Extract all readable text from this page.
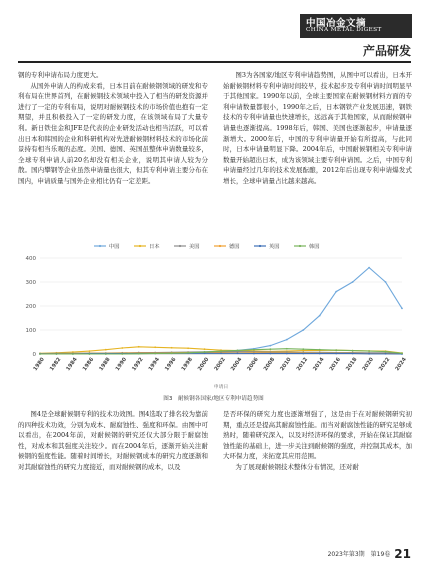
中国冶金文摘
CHINA METAL DIGEST
产品研发

钢的专利申请布局力度更大。

从国外申请人的构成来看，日本目前在耐候钢领域的研发和专利布局在世界首列，在耐候钢技术领域中投入了相当的研发资源并进行了一定的专利布局，说明对耐候钢技术的市场价值也抱有一定期望，并且积极投入了一定的研发力度，在该领域布局了大量专利。新日铁住金和JFE是代表的企业研发活动也相当活跃，可以看出日本和韩国的企业和科研机构对先进耐候钢材料技术的市场化前景持有相当乐观的态度。美国、德国、英国虽整体申请数量较多，全球专利申请人前20名却没有相关企业，说明其申请人较为分散。国内攀钢等企业虽然申请量也很大，但其专利申请主要分布在国内，申请质量与国外企业相比仍有一定差距。

图3为各国家/地区专利申请趋势图，从图中可以看出，日本开始耐候钢材料专利申请时间较早，技术起步及专利申请时间明显早于其他国家。1990年以前，全球主要国家在耐候钢材料方面的专利申请数量都很小，1990年之后，日本钢铁产业发展迅速，钢铁技术的专利申请量也快速增长，远远高于其他国家，从而耐候钢申请量也逐渐提高。1998年后，韩国、美国也逐渐起步，申请量逐渐增大。2000年后，中国的专利申请量开始有所提高，与此同时，日本申请量明显下降。2004年后，中国耐候钢相关专利申请数量开始超出日本，成为该领域主要专利申请国。之后，中国专利申请量经过几年的技术发展酝酿，2012年后出现专利申请爆发式增长，全球申请量占比越来越高。

0
100
200
300
400
1980 1982 1984 1986 1988 1990 1992 1994 1996 1998 2000 2002 2004 2006 2008 2010 2012 2014 2016 2018 2020 2022 2024
申请日
中国	日本	美国	德国	英国	韩国
图3　耐候钢各国家/地区专利申请趋势图

图4是全球耐候钢专利的技术功效图。图4选取了排名较为靠前的四种技术功效，分别为成本、耐腐蚀性、强度和环保。由图中可以看出，在2004年前，对耐候钢的研究还仅大部分限于耐腐蚀性，对成本和其强度关注较少。而在2004年后，逐渐开始关注耐候钢的强度性能。随着时间增长，对耐候钢成本的研究力度逐渐和对其耐腐蚀性的研究力度接近，而对耐候钢的成本，以及

是否环保的研究力度也逐渐增强了，这是由于在对耐候钢研究初期，重点还是提高其耐腐蚀性能。而当对耐腐蚀性能的研究足够成熟时，随着研究深入，以及对经济环保的要求，开始在保证其耐腐蚀性能的基础上，进一步关注到耐候钢的强度，并控制其成本，加大环保力度，来拓宽其应用范围。

为了展现耐候钢技术整体分布情况，还对耐

2023年第3期　第19卷 21
